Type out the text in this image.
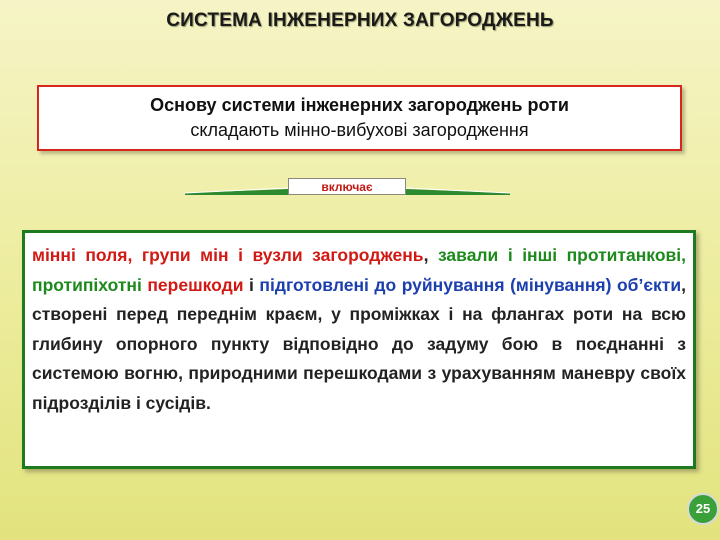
СИСТЕМА ІНЖЕНЕРНИХ ЗАГОРОДЖЕНЬ
Основу системи інженерних загороджень роти
складають мінно-вибухові загородження
включає
мінні поля, групи мін і вузли загороджень, завали і інші протитанкові, протипіхотні перешкоди і підготовлені до руйнування (мінування) об’єкти, створені перед переднім краєм, у проміжках і на флангах роти на всю глибину опорного пункту відповідно до задуму бою в поєднанні з системою вогню, природними перешкодами з урахуванням маневру своїх підрозділів і сусідів.
25
